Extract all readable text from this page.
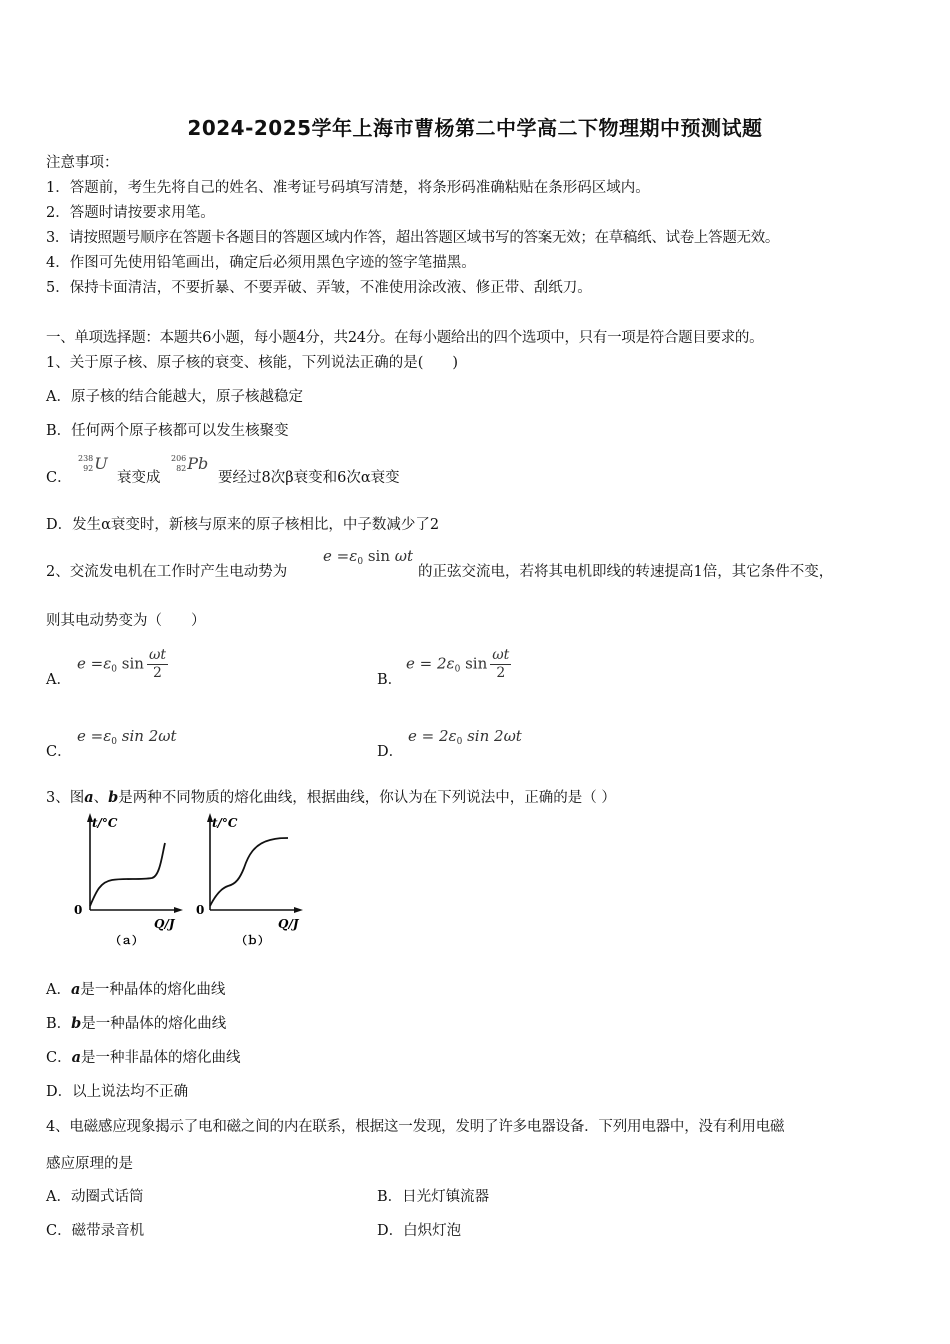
2024-2025学年上海市曹杨第二中学高二下物理期中预测试题
注意事项：
1．答题前，考生先将自己的姓名、准考证号码填写清楚，将条形码准确粘贴在条形码区域内。
2．答题时请按要求用笔。
3．请按照题号顺序在答题卡各题目的答题区域内作答，超出答题区域书写的答案无效；在草稿纸、试卷上答题无效。
4．作图可先使用铅笔画出，确定后必须用黑色字迹的签字笔描黑。
5．保持卡面清洁，不要折暴、不要弄破、弄皱，不准使用涂改液、修正带、刮纸刀。
一、单项选择题：本题共6小题，每小题4分，共24分。在每小题给出的四个选项中，只有一项是符合题目要求的。
1、关于原子核、原子核的衰变、核能，下列说法正确的是(　　)
A．原子核的结合能越大，原子核越稳定
B．任何两个原子核都可以发生核聚变
C．
238
92U
衰变成
206
82Pb
要经过8次β衰变和6次α衰变
D．发生α衰变时，新核与原来的原子核相比，中子数减少了2
2、交流发电机在工作时产生电动势为
$e =\varepsilon_0$ sin ωt
的正弦交流电，若将其电机即线的转速提高1倍，其它条件不变，
则其电动势变为（　　）
A．
$e =\varepsilon_0$ $\sin \frac{\omega t}{2}$	B．
$e = 2\varepsilon_0$ $\sin \frac{\omega t}{2}$
C．
$e =\varepsilon_0$ sin 2ωt
D．
$e = 2\varepsilon_0$ sin 2ωt
3、图a、b是两种不同物质的熔化曲线，根据曲线，你认为在下列说法中，正确的是（ ）
t/°C
0
Q/J
（ａ）
t/°C
0
Q/J
（ｂ）
A．a是一种晶体的熔化曲线
B．b是一种晶体的熔化曲线
C．a是一种非晶体的熔化曲线
D．以上说法均不正确
4、电磁感应现象揭示了电和磁之间的内在联系，根据这一发现，发明了许多电器设备．下列用电器中，没有利用电磁
感应原理的是
A．动圈式话筒	B．日光灯镇流器
C．磁带录音机	D．白炽灯泡
